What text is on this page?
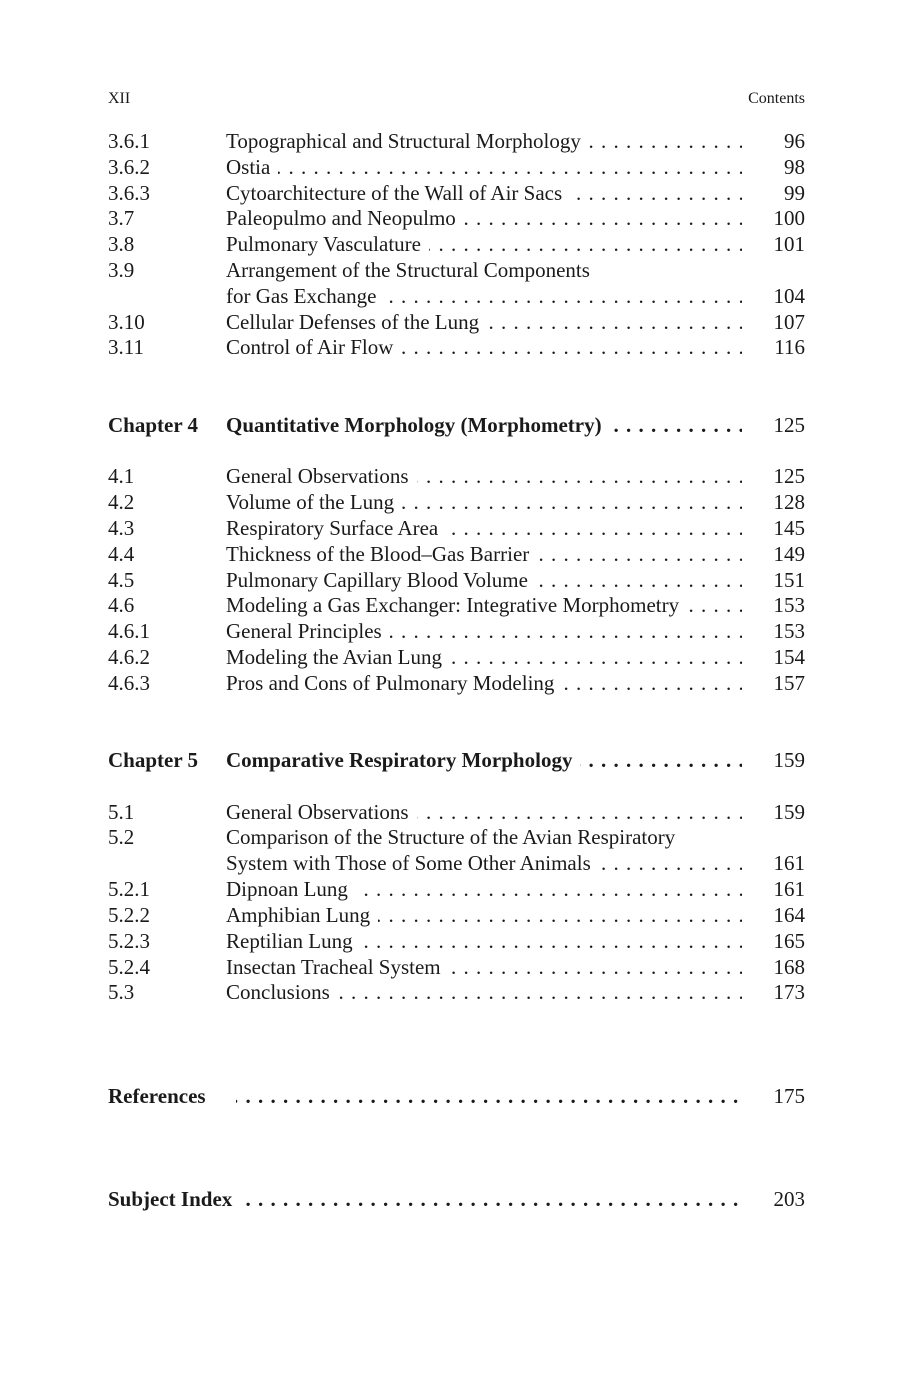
XII	Contents
3.6.1	Topographical and Structural Morphology . . .	96
3.6.2	Ostia . . .	98
3.6.3	Cytoarchitecture of the Wall of Air Sacs . . .	99
3.7	Paleopulmo and Neopulmo . . .	100
3.8	Pulmonary Vasculature . . .	101
3.9	Arrangement of the Structural Components
for Gas Exchange . . .	104
3.10	Cellular Defenses of the Lung . . .	107
3.11	Control of Air Flow . . .	116
Chapter 4 Quantitative Morphology (Morphometry) . . .	125
4.1	General Observations . . .	125
4.2	Volume of the Lung . . .	128
4.3	Respiratory Surface Area . . .	145
4.4	Thickness of the Blood–Gas Barrier . . .	149
4.5	Pulmonary Capillary Blood Volume . . .	151
4.6	Modeling a Gas Exchanger: Integrative Morphometry . . .	153
4.6.1	General Principles . . .	153
4.6.2	Modeling the Avian Lung . . .	154
4.6.3	Pros and Cons of Pulmonary Modeling . . .	157
Chapter 5 Comparative Respiratory Morphology . . .	159
5.1	General Observations . . .	159
5.2	Comparison of the Structure of the Avian Respiratory
System with Those of Some Other Animals . . .	161
5.2.1	Dipnoan Lung . . .	161
5.2.2	Amphibian Lung . . .	164
5.2.3	Reptilian Lung . . .	165
5.2.4	Insectan Tracheal System . . .	168
5.3	Conclusions . . .	173
References . . .	175
Subject Index . . .	203
